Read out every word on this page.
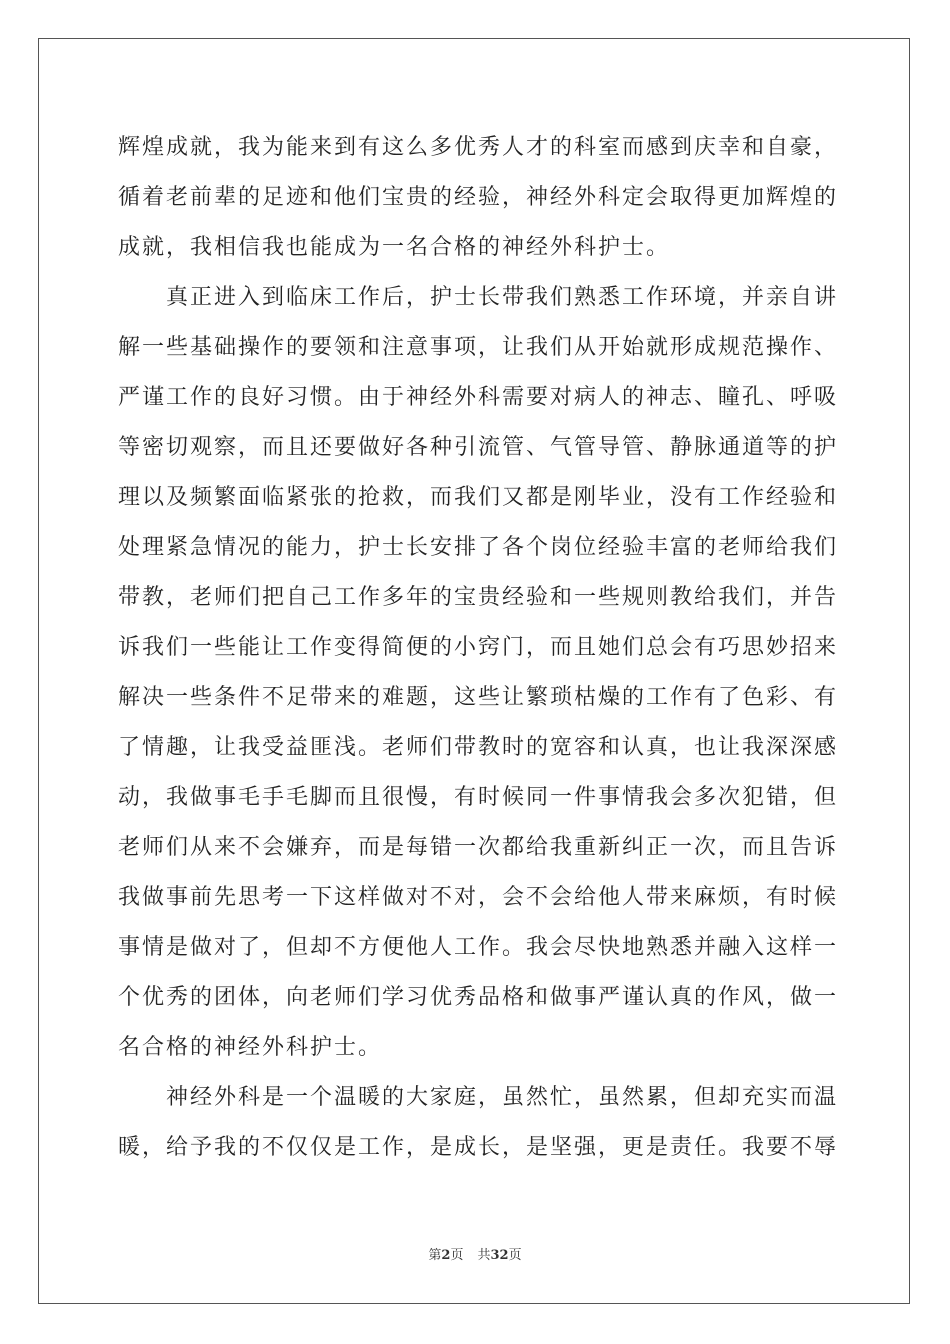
辉煌成就，我为能来到有这么多优秀人才的科室而感到庆幸和自豪，
循着老前辈的足迹和他们宝贵的经验，神经外科定会取得更加辉煌的
成就，我相信我也能成为一名合格的神经外科护士。
真正进入到临床工作后，护士长带我们熟悉工作环境，并亲自讲
解一些基础操作的要领和注意事项，让我们从开始就形成规范操作、
严谨工作的良好习惯。由于神经外科需要对病人的神志、瞳孔、呼吸
等密切观察，而且还要做好各种引流管、气管导管、静脉通道等的护
理以及频繁面临紧张的抢救，而我们又都是刚毕业，没有工作经验和
处理紧急情况的能力，护士长安排了各个岗位经验丰富的老师给我们
带教，老师们把自己工作多年的宝贵经验和一些规则教给我们，并告
诉我们一些能让工作变得简便的小窍门，而且她们总会有巧思妙招来
解决一些条件不足带来的难题，这些让繁琐枯燥的工作有了色彩、有
了情趣，让我受益匪浅。老师们带教时的宽容和认真，也让我深深感
动，我做事毛手毛脚而且很慢，有时候同一件事情我会多次犯错，但
老师们从来不会嫌弃，而是每错一次都给我重新纠正一次，而且告诉
我做事前先思考一下这样做对不对，会不会给他人带来麻烦，有时候
事情是做对了，但却不方便他人工作。我会尽快地熟悉并融入这样一
个优秀的团体，向老师们学习优秀品格和做事严谨认真的作风，做一
名合格的神经外科护士。
神经外科是一个温暖的大家庭，虽然忙，虽然累，但却充实而温
暖，给予我的不仅仅是工作，是成长，是坚强，更是责任。我要不辱
第2页 共32页
